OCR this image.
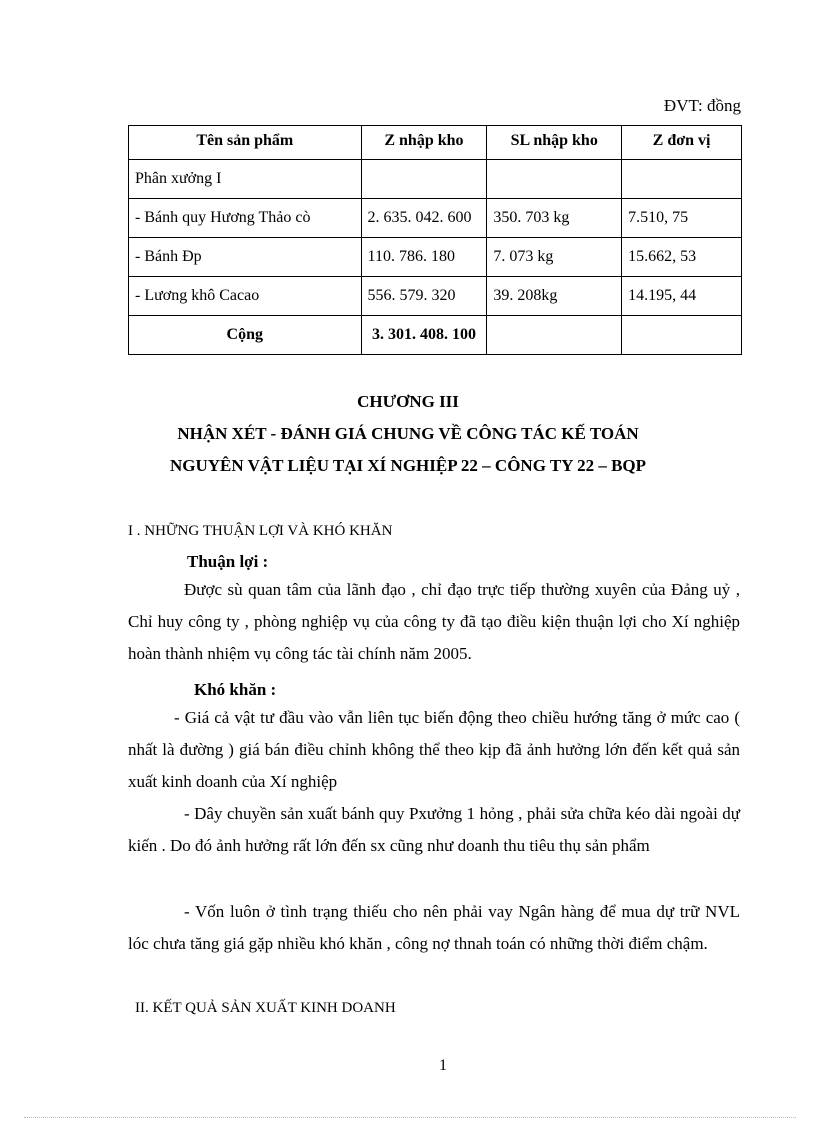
ĐVT: đồng
Tên sản phẩm	Z nhập kho	SL nhập kho	Z đơn vị
Phân xưởng I			
- Bánh quy Hương Thảo cò	2. 635. 042. 600	350. 703 kg	7.510, 75
- Bánh Đp	110. 786. 180	7. 073 kg	15.662, 53
- Lương khô Cacao	556. 579. 320	39. 208kg	14.195, 44
Cộng	3. 301. 408. 100		
CHƯƠNG III
NHẬN XÉT - ĐÁNH GIÁ CHUNG VỀ CÔNG TÁC KẾ TOÁN
NGUYÊN VẬT LIỆU TẠI XÍ NGHIỆP 22 – CÔNG TY 22 – BQP
I . NHỮNG THUẬN LỢI VÀ KHÓ KHĂN
Thuận lợi :
Được sù quan tâm của lãnh đạo , chỉ đạo trực tiếp thường xuyên của Đảng uỷ , Chỉ huy công ty , phòng nghiệp vụ của công ty đã tạo điều kiện thuận lợi cho Xí nghiệp hoàn thành nhiệm vụ công tác tài chính năm 2005.
Khó khăn :
- Giá cả vật tư đầu vào vẫn liên tục biến động theo chiều hướng tăng ở mức cao ( nhất là đường ) giá bán điều chỉnh không thể theo kịp đã ảnh hưởng lớn đến kết quả sản xuất kinh doanh của Xí nghiệp
- Dây chuyền sản xuất bánh quy Pxưởng 1 hỏng , phải sửa chữa kéo dài ngoài dự kiến . Do đó ảnh hưởng rất lớn đến sx cũng như doanh thu tiêu thụ sản phẩm
- Vốn luôn ở tình trạng thiếu cho nên phải vay Ngân hàng để mua dự trữ NVL lóc chưa tăng giá gặp nhiều khó khăn , công nợ thnah toán có những thời điểm chậm.
II. KẾT QUẢ SẢN XUẤT KINH DOANH
1
